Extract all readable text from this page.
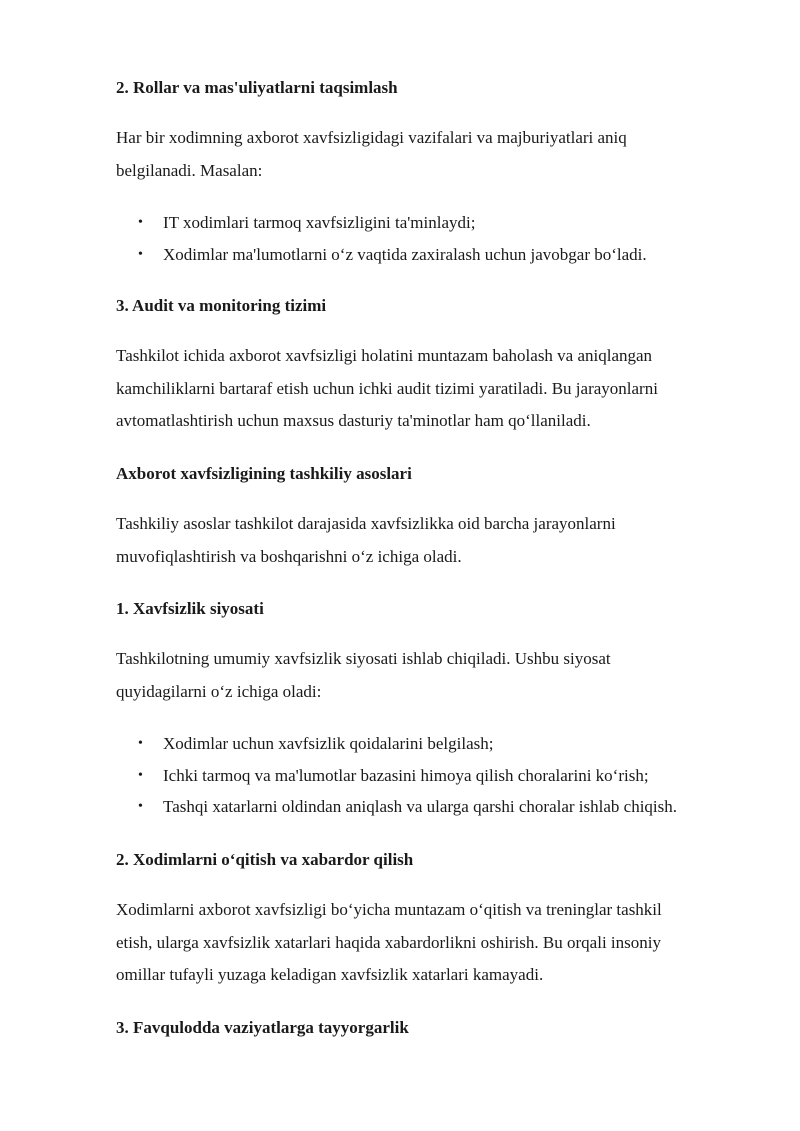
2. Rollar va mas'uliyatlarni taqsimlash

Har bir xodimning axborot xavfsizligidagi vazifalari va majburiyatlari aniq
belgilanadi. Masalan:

• IT xodimlari tarmoq xavfsizligini ta'minlaydi;
• Xodimlar ma'lumotlarni o‘z vaqtida zaxiralash uchun javobgar bo‘ladi.
3. Audit va monitoring tizimi

Tashkilot ichida axborot xavfsizligi holatini muntazam baholash va aniqlangan
kamchiliklarni bartaraf etish uchun ichki audit tizimi yaratiladi. Bu jarayonlarni
avtomatlashtirish uchun maxsus dasturiy ta'minotlar ham qo‘llaniladi.

Axborot xavfsizligining tashkiliy asoslari

Tashkiliy asoslar tashkilot darajasida xavfsizlikka oid barcha jarayonlarni
muvofiqlashtirish va boshqarishni o‘z ichiga oladi.

1. Xavfsizlik siyosati

Tashkilotning umumiy xavfsizlik siyosati ishlab chiqiladi. Ushbu siyosat
quyidagilarni o‘z ichiga oladi:

• Xodimlar uchun xavfsizlik qoidalarini belgilash;
• Ichki tarmoq va ma'lumotlar bazasini himoya qilish choralarini ko‘rish;
• Tashqi xatarlarni oldindan aniqlash va ularga qarshi choralar ishlab chiqish.
2. Xodimlarni o‘qitish va xabardor qilish

Xodimlarni axborot xavfsizligi bo‘yicha muntazam o‘qitish va treninglar tashkil
etish, ularga xavfsizlik xatarlari haqida xabardorlikni oshirish. Bu orqali insoniy
omillar tufayli yuzaga keladigan xavfsizlik xatarlari kamayadi.

3. Favqulodda vaziyatlarga tayyorgarlik
